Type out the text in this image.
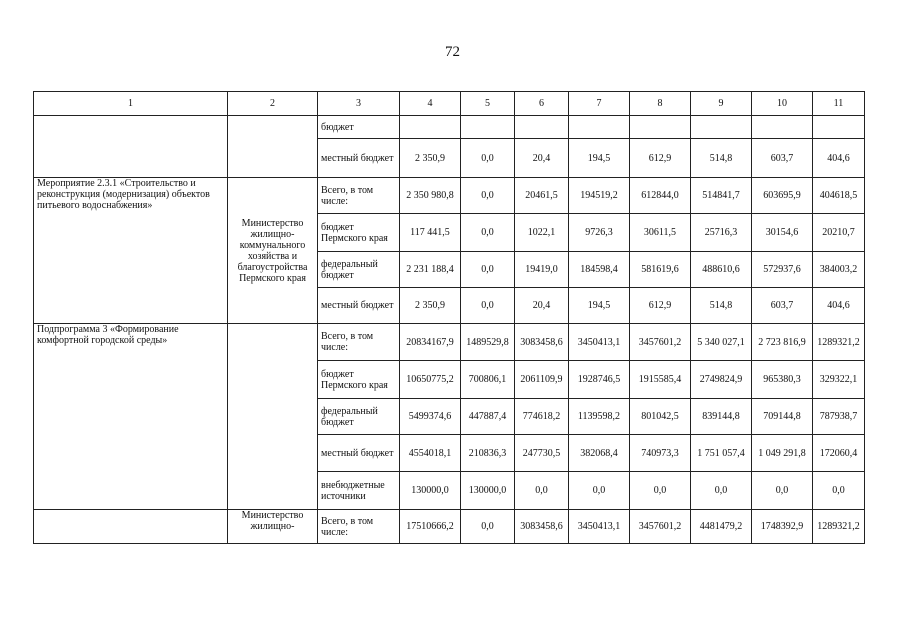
72
1	2	3	4	5	6	7	8	9	10	11
		бюджет								
		местный бюджет	2 350,9	0,0	20,4	194,5	612,9	514,8	603,7	404,6
Мероприятие 2.3.1 «Строительство и реконструкция (модернизация) объектов питьевого водоснабжения»	Министерство жилищно-коммунального хозяйства и благоустройства Пермского края	Всего, в том числе:	2 350 980,8	0,0	20461,5	194519,2	612844,0	514841,7	603695,9	404618,5
		бюджет Пермского края	117 441,5	0,0	1022,1	9726,3	30611,5	25716,3	30154,6	20210,7
		федеральный бюджет	2 231 188,4	0,0	19419,0	184598,4	581619,6	488610,6	572937,6	384003,2
		местный бюджет	2 350,9	0,0	20,4	194,5	612,9	514,8	603,7	404,6
Подпрограмма 3 «Формирование комфортной городской среды»		Всего, в том числе:	20834167,9	1489529,8	3083458,6	3450413,1	3457601,2	5 340 027,1	2 723 816,9	1289321,2
		бюджет Пермского края	10650775,2	700806,1	2061109,9	1928746,5	1915585,4	2749824,9	965380,3	329322,1
		федеральный бюджет	5499374,6	447887,4	774618,2	1139598,2	801042,5	839144,8	709144,8	787938,7
		местный бюджет	4554018,1	210836,3	247730,5	382068,4	740973,3	1 751 057,4	1 049 291,8	172060,4
		внебюджетные источники	130000,0	130000,0	0,0	0,0	0,0	0,0	0,0	0,0
	Министерство жилищно-	Всего, в том числе:	17510666,2	0,0	3083458,6	3450413,1	3457601,2	4481479,2	1748392,9	1289321,2
